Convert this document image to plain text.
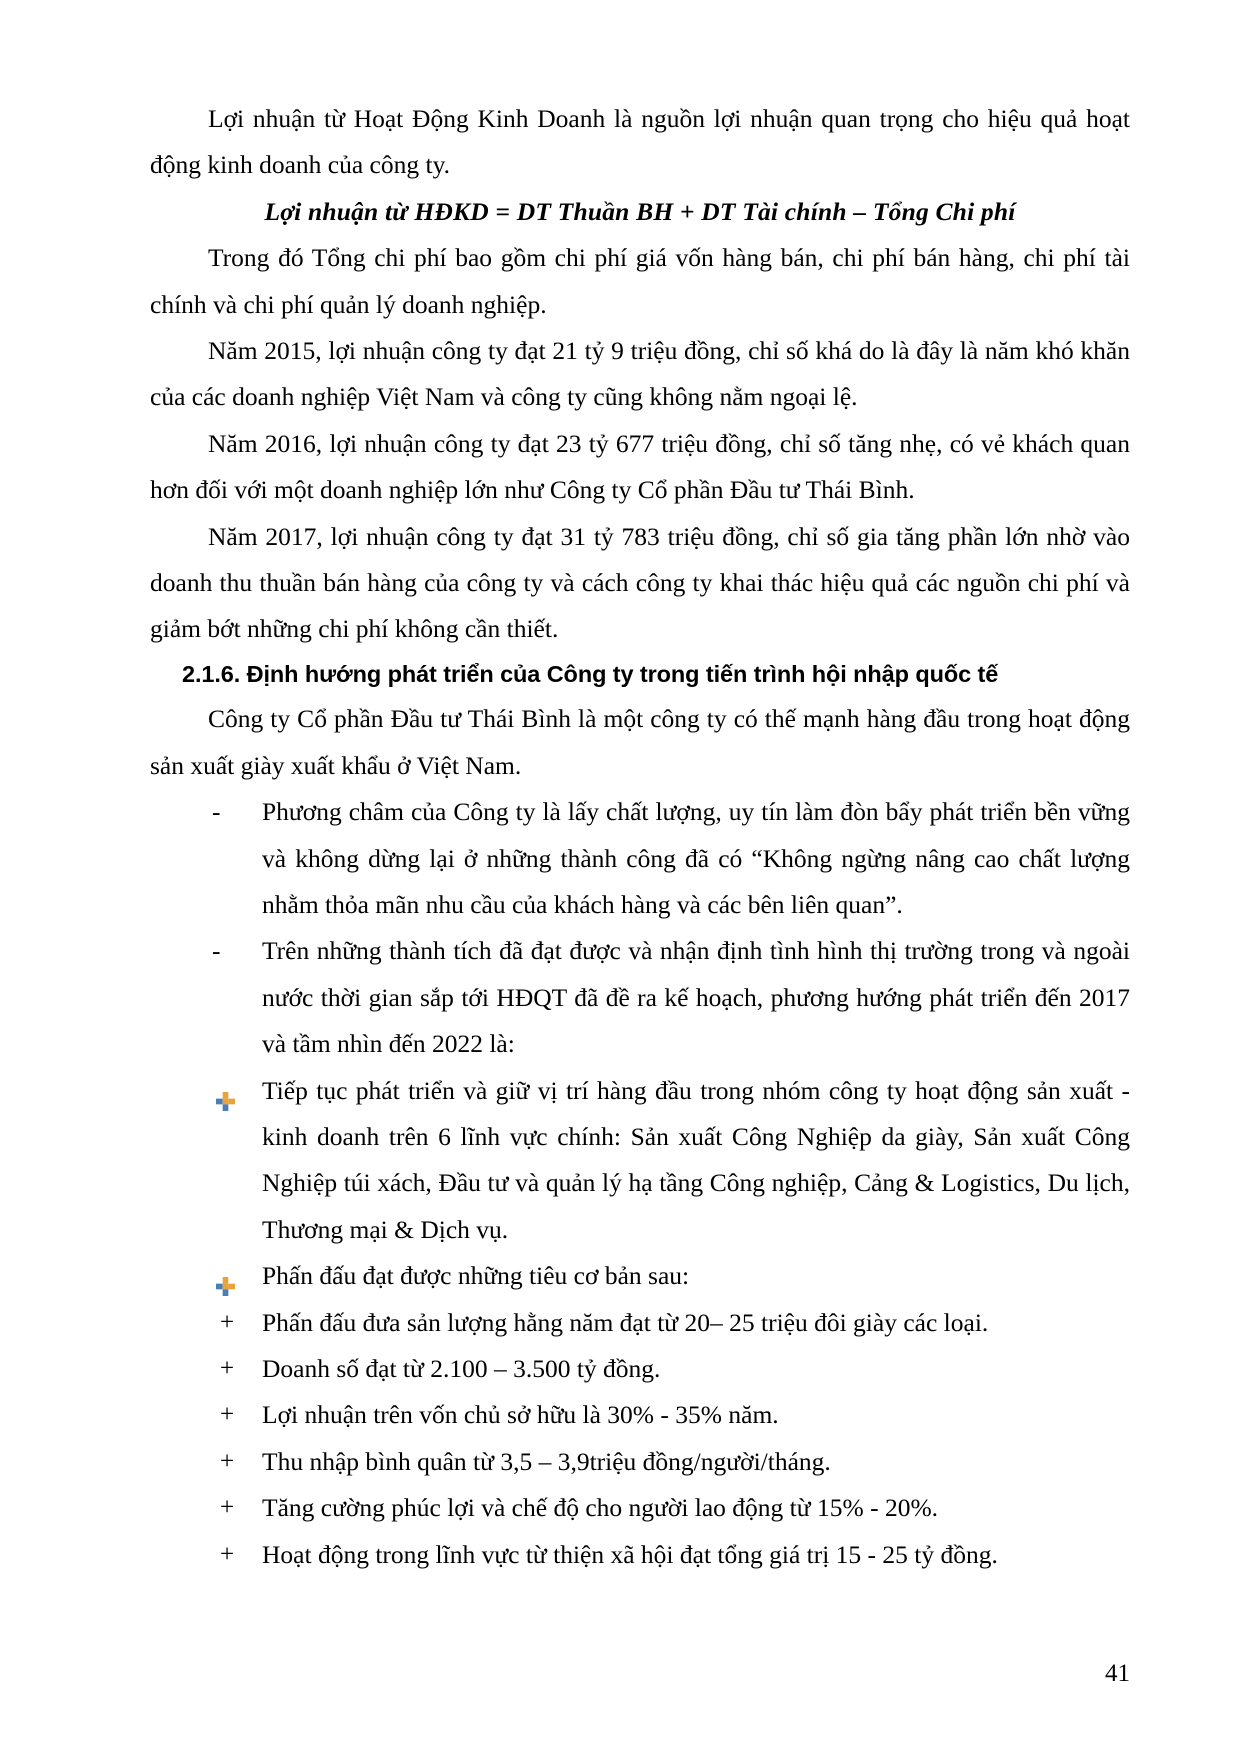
Lợi nhuận từ Hoạt Động Kinh Doanh là nguồn lợi nhuận quan trọng cho hiệu quả hoạt động kinh doanh của công ty.

Lợi nhuận từ HĐKD = DT Thuần BH + DT Tài chính – Tổng Chi phí

Trong đó Tổng chi phí bao gồm chi phí giá vốn hàng bán, chi phí bán hàng, chi phí tài chính và chi phí quản lý doanh nghiệp.

Năm 2015, lợi nhuận công ty đạt 21 tỷ 9 triệu đồng, chỉ số khá do là đây là năm khó khăn của các doanh nghiệp Việt Nam và công ty cũng không nằm ngoại lệ.

Năm 2016, lợi nhuận công ty đạt 23 tỷ 677 triệu đồng, chỉ số tăng nhẹ, có vẻ khách quan hơn đối với một doanh nghiệp lớn như Công ty Cổ phần Đầu tư Thái Bình.

Năm 2017, lợi nhuận công ty đạt 31 tỷ 783 triệu đồng, chỉ số gia tăng phần lớn nhờ vào doanh thu thuần bán hàng của công ty và cách công ty khai thác hiệu quả các nguồn chi phí và giảm bớt những chi phí không cần thiết.

2.1.6. Định hướng phát triển của Công ty trong tiến trình hội nhập quốc tế

Công ty Cổ phần Đầu tư Thái Bình là một công ty có thế mạnh hàng đầu trong hoạt động sản xuất giày xuất khẩu ở Việt Nam.

- Phương châm của Công ty là lấy chất lượng, uy tín làm đòn bẩy phát triển bền vững và không dừng lại ở những thành công đã có “Không ngừng nâng cao chất lượng nhằm thỏa mãn nhu cầu của khách hàng và các bên liên quan”.
- Trên những thành tích đã đạt được và nhận định tình hình thị trường trong và ngoài nước thời gian sắp tới HĐQT đã đề ra kế hoạch, phương hướng phát triển đến 2017 và tầm nhìn đến 2022 là:
Tiếp tục phát triển và giữ vị trí hàng đầu trong nhóm công ty hoạt động sản xuất - kinh doanh trên 6 lĩnh vực chính: Sản xuất Công Nghiệp da giày, Sản xuất Công Nghiệp túi xách, Đầu tư và quản lý hạ tầng Công nghiệp, Cảng & Logistics, Du lịch, Thương mại & Dịch vụ.
Phấn đấu đạt được những tiêu cơ bản sau:
+ Phấn đấu đưa sản lượng hằng năm đạt từ 20– 25 triệu đôi giày các loại.
+ Doanh số đạt từ 2.100 – 3.500 tỷ đồng.
+ Lợi nhuận trên vốn chủ sở hữu là 30% - 35% năm.
+ Thu nhập bình quân từ 3,5 – 3,9triệu đồng/người/tháng.
+ Tăng cường phúc lợi và chế độ cho người lao động từ 15% - 20%.
+ Hoạt động trong lĩnh vực từ thiện xã hội đạt tổng giá trị 15 - 25 tỷ đồng.
41
